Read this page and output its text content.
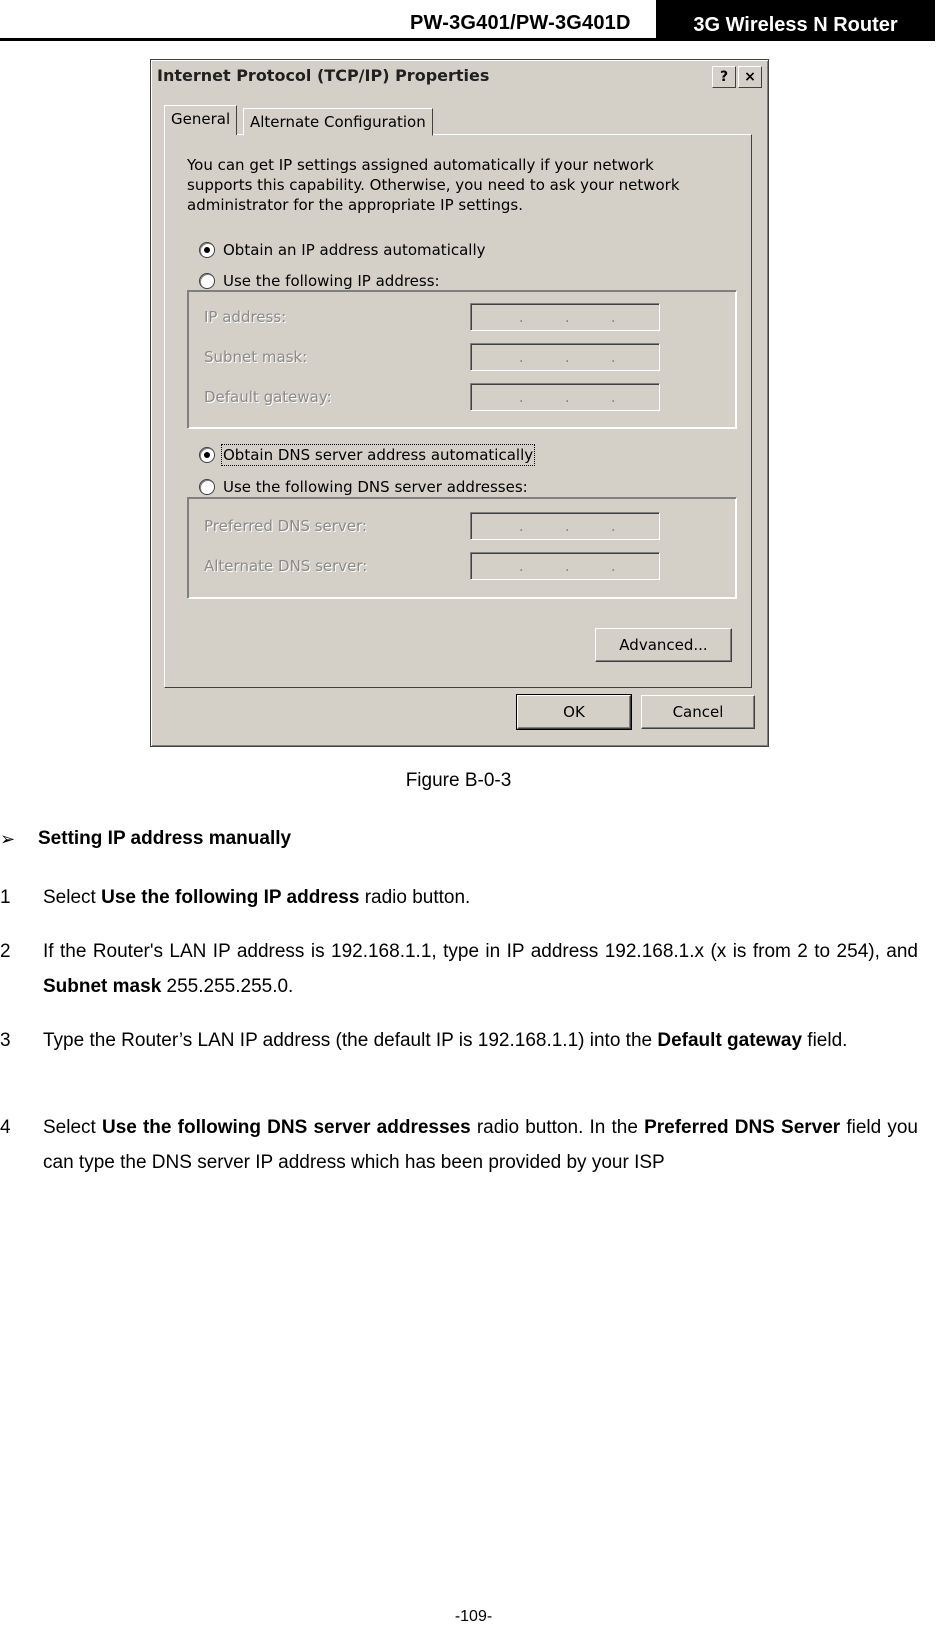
PW-3G401/PW-3G401D	3G Wireless N Router
Internet Protocol (TCP/IP) Properties	?	×
General	Alternate Configuration
You can get IP settings assigned automatically if your network supports this capability. Otherwise, you need to ask your network administrator for the appropriate IP settings.
Obtain an IP address automatically
Use the following IP address:
IP address:	.	.	.
Subnet mask:	.	.	.
Default gateway:	.	.	.
Obtain DNS server address automatically
Use the following DNS server addresses:
Preferred DNS server:	.	.	.
Alternate DNS server:	.	.	.
Advanced...
OK	Cancel
Figure B-0-3
➢	Setting IP address manually
1	Select Use the following IP address radio button.
2	If the Router's LAN IP address is 192.168.1.1, type in IP address 192.168.1.x (x is from 2 to 254), and Subnet mask 255.255.255.0.
3	Type the Router’s LAN IP address (the default IP is 192.168.1.1) into the Default gateway field.
4	Select Use the following DNS server addresses radio button. In the Preferred DNS Server field you can type the DNS server IP address which has been provided by your ISP
-109-
